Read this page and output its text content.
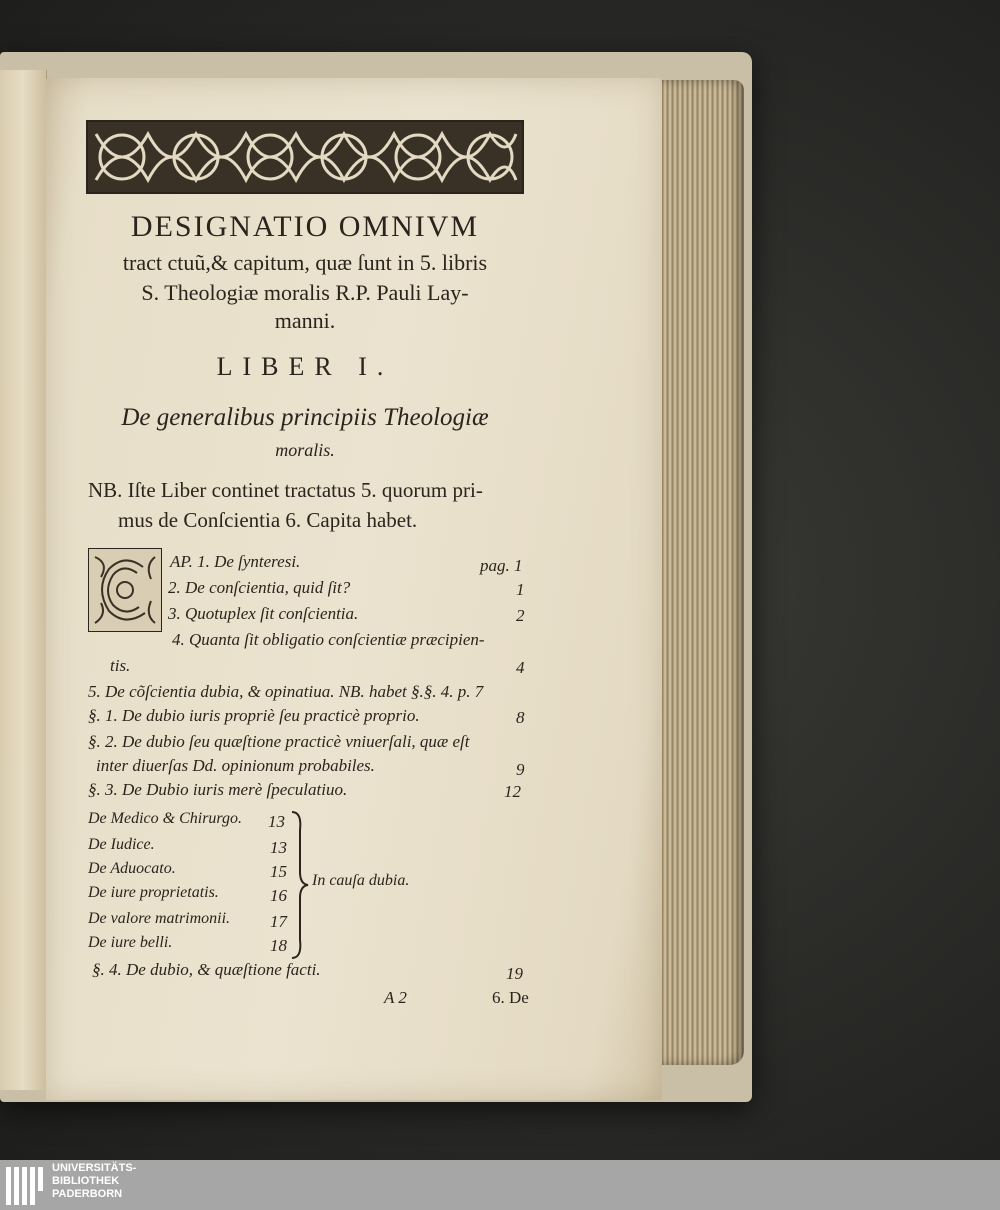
DESIGNATIO OMNIVM
tract ctuũ,& capitum, quæ ſunt in 5. libris
S. Theologiæ moralis R.P. Pauli Lay-
manni.
LIBER I.
De generalibus principiis Theologiæ
moralis.
NB. Iſte Liber continet tractatus 5. quorum pri-
mus de Conſcientia 6. Capita habet.
AP. 1. De ſynteresi.	pag. 1
2. De conſcientia, quid ſit?	1
3. Quotuplex ſit conſcientia.	2
4. Quanta ſit obligatio conſcientiæ præcipien-
tis.	4
5. De cõſcientia dubia, & opinatiua. NB. habet §.§. 4. p. 7
§. 1. De dubio iuris propriè ſeu practicè proprio.	8
§. 2. De dubio ſeu quæſtione practicè vniuerſali, quæ eſt
inter diuerſas Dd. opinionum probabiles.	9
§. 3. De Dubio iuris merè ſpeculatiuo.	12
De Medico & Chirurgo. 13
De Iudice.	13
De Aduocato.	15
De iure proprietatis.	16
De valore matrimonii. 17
De iure belli.	18
In cauſa dubia.
§. 4. De dubio, & quæſtione facti.	19
A 2	6. De
UNIVERSITÄTS-
BIBLIOTHEK
PADERBORN
